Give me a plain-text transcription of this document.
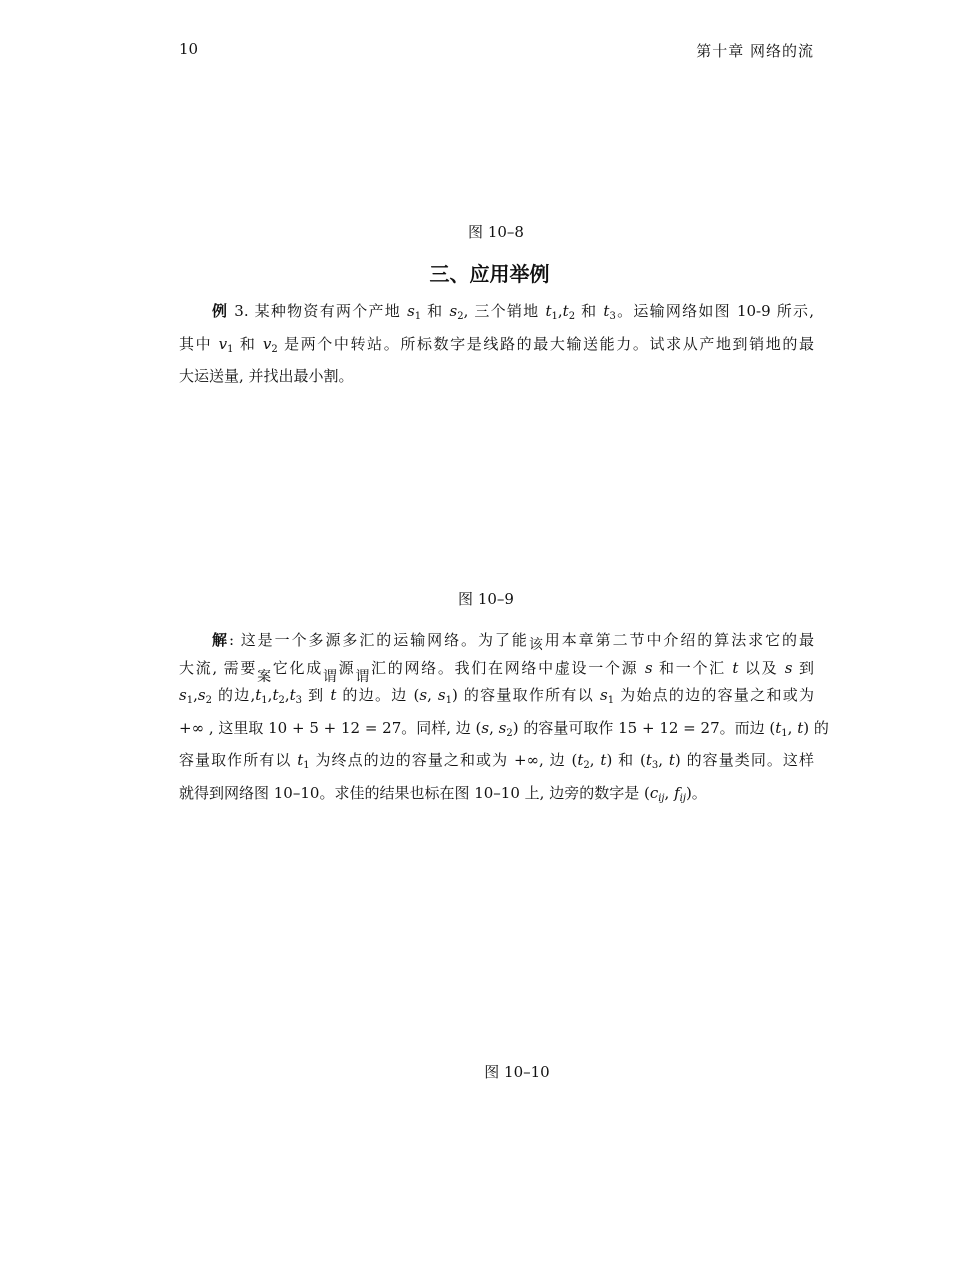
10	第十章 网络的流
图 10–8
三、应用举例
例 3. 某种物资有两个产地 $s_1$ 和 $s_2$, 三个销地 $t_1,t_2$ 和 $t_3$。运输网络如图 10-9 所示,
其中 $v_1$ 和 $v_2$ 是两个中转站。所标数字是线路的最大输送能力。试求从产地到销地的最
大运送量, 并找出最小割。
图 10–9
解: 这是一个多源多汇的运输网络。为了能该用本章第二节中介绍的算法求它的最
大流, 需要案它化成谓源谓汇的网络。我们在网络中虚设一个源 s 和一个汇 t 以及 s 到
$s_1,s_2$ 的边$,t_1,t_2,t_3$ 到 t 的边。边 (s, $s_1$) 的容量取作所有以 $s_1$ 为始点的边的容量之和或为
+∞ , 这里取 10 + 5 + 12 = 27。同样, 边 (s, $s_2$) 的容量可取作 15 + 12 = 27。而边 ($t_1$, t) 的
容量取作所有以 $t_1$ 为终点的边的容量之和或为 +∞, 边 ($t_2$, t) 和 ($t_3$, t) 的容量类同。这样
就得到网络图 10–10。求佳的结果也标在图 10–10 上, 边旁的数字是 ($c_{ij}$, $f_{ij}$)。
图 10–10
